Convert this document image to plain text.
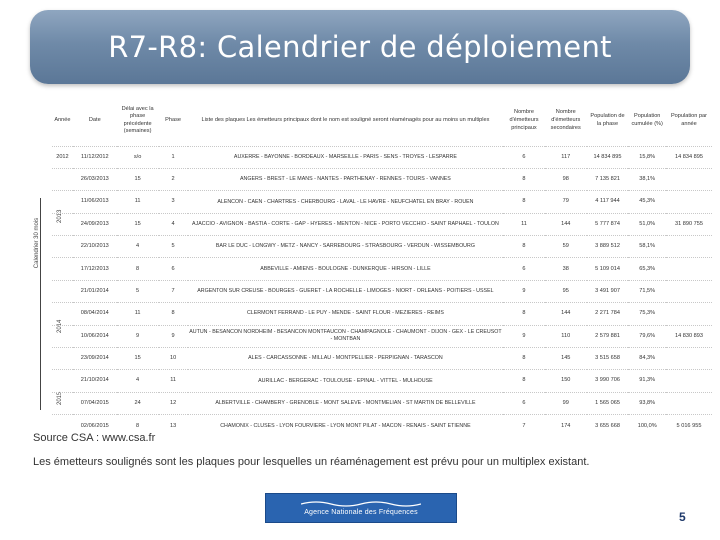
R7-R8: Calendrier de déploiement
Calendrier 30 mois
2013
2014
2015
Année	Date	Délai avec la phase précédente (semaines)	Phase	Liste des plaques Les émetteurs principaux dont le nom est souligné seront réaménagés pour au moins un multiplex	Nombre d'émetteurs principaux	Nombre d'émetteurs secondaires	Population de la phase	Population cumulée (%)	Population par année
2012	11/12/2012	s/o	1	AUXERRE - BAYONNE - BORDEAUX - MARSEILLE - PARIS - SENS - TROYES - LESPARRE	6	117	14 834 895	15,8%	14 834 895
	26/03/2013	15	2	ANGERS - BREST - LE MANS - NANTES - PARTHENAY - RENNES - TOURS - VANNES	8	98	7 135 821	38,1%	
	11/06/2013	11	3	ALENCON - CAEN - CHARTRES - CHERBOURG - LAVAL - LE HAVRE - NEUFCHATEL EN BRAY - ROUEN	8	79	4 117 944	45,3%	
	24/09/2013	15	4	AJACCIO - AVIGNON - BASTIA - CORTE - GAP - HYERES - MENTON - NICE - PORTO VECCHIO - SAINT RAPHAEL - TOULON	11	144	5 777 874	51,0%	31 890 755
	22/10/2013	4	5	BAR LE DUC - LONGWY - METZ - NANCY - SARREBOURG - STRASBOURG - VERDUN - WISSEMBOURG	8	59	3 889 512	58,1%	
	17/12/2013	8	6	ABBEVILLE - AMIENS - BOULOGNE - DUNKERQUE - HIRSON - LILLE	6	38	5 109 014	65,3%	
	21/01/2014	5	7	ARGENTON SUR CREUSE - BOURGES - GUERET - LA ROCHELLE - LIMOGES - NIORT - ORLEANS - POITIERS - USSEL	9	95	3 491 907	71,5%	
	08/04/2014	11	8	CLERMONT FERRAND - LE PUY - MENDE - SAINT FLOUR - MEZIERES - REIMS	8	144	2 271 784	75,3%	
	10/06/2014	9	9	AUTUN - BESANCON NORDHEIM - BESANCON MONTFAUCON - CHAMPAGNOLE - CHAUMONT - DIJON - GEX - LE CREUSOT - MONTBAN	9	110	2 579 881	79,6%	14 830 893
	23/09/2014	15	10	ALES - CARCASSONNE - MILLAU - MONTPELLIER - PERPIGNAN - TARASCON	8	145	3 515 658	84,3%	
	21/10/2014	4	11	AURILLAC - BERGERAC - TOULOUSE - EPINAL - VITTEL - MULHOUSE	8	150	3 990 706	91,3%	
	07/04/2015	24	12	ALBERTVILLE - CHAMBERY - GRENOBLE - MONT SALEVE - MONTMELIAN - ST MARTIN DE BELLEVILLE	6	99	1 565 065	93,8%	
	02/06/2015	8	13	CHAMONIX - CLUSES - LYON FOURVIERE - LYON MONT PILAT - MACON - RENAIS - SAINT ETIENNE	7	174	3 655 668	100,0%	5 016 955
Source CSA : www.csa.fr
Les émetteurs soulignés sont les plaques pour lesquelles un réaménagement est prévu pour un multiplex existant.
Agence Nationale des Fréquences	5
